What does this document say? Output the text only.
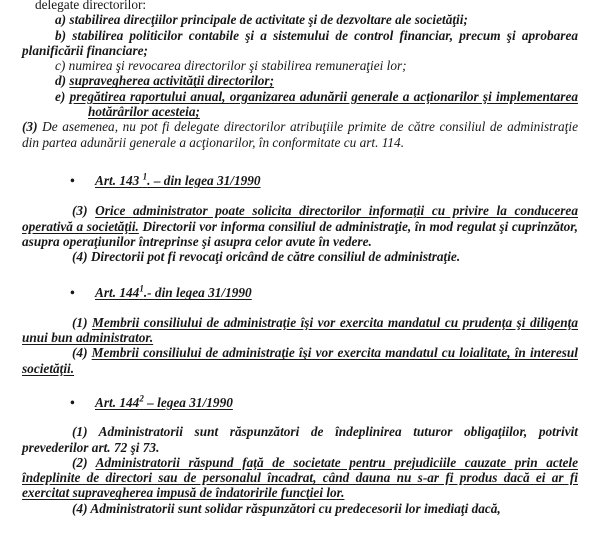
delegate directorilor:

a) stabilirea direcţiilor principale de activitate şi de dezvoltare ale societăţii;

b) stabilirea politicilor contabile şi a sistemului de control financiar, precum şi aprobarea planificării financiare;

c) numirea şi revocarea directorilor şi stabilirea remuneraţiei lor;

d) supravegherea activităţii directorilor;

e) pregătirea raportului anual, organizarea adunării generale a acţionarilor şi implementarea hotărârilor acesteia;

(3) De asemenea, nu pot fi delegate directorilor atribuţiile primite de către consiliul de administraţie din partea adunării generale a acţionarilor, în conformitate cu art. 114.

• Art. 143 $^1$. – din legea 31/1990

(3) Orice administrator poate solicita directorilor informaţii cu privire la conducerea operativă a societăţii. Directorii vor informa consiliul de administraţie, în mod regulat şi cuprinzător, asupra operaţiunilor întreprinse şi asupra celor avute în vedere.

(4) Directorii pot fi revocaţi oricând de către consiliul de administraţie.

• Art. $144^1.-$ din legea 31/1990

(1) Membrii consiliului de administraţie îşi vor exercita mandatul cu prudenţa şi diligenţa unui bun administrator.

(4) Membrii consiliului de administraţie îşi vor exercita mandatul cu loialitate, în interesul societăţii.

• Art. $144^2$ – legea 31/1990

(1) Administratorii sunt răspunzători de îndeplinirea tuturor obligaţiilor, potrivit prevederilor art. 72 şi 73.

(2) Administratorii răspund faţă de societate pentru prejudiciile cauzate prin actele îndeplinite de directori sau de personalul încadrat, când dauna nu s-ar fi produs dacă ei ar fi exercitat supravegherea impusă de îndatoririle funcţiei lor.

(4) Administratorii sunt solidar răspunzători cu predecesorii lor imediaţi dacă,
